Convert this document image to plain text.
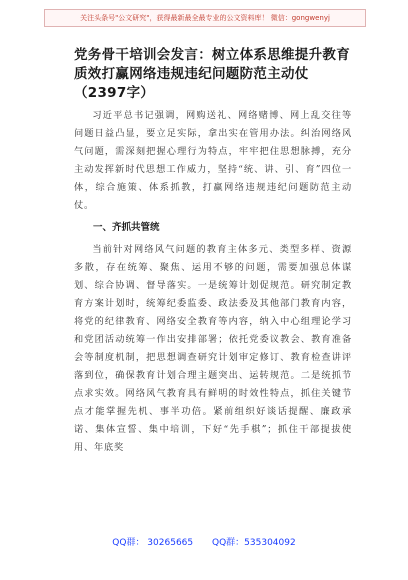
关注头条号"公文研究"，获得最新最全最专业的公文资料库！ 微信：gongwenyj
党务骨干培训会发言：树立体系思维提升教育质效打赢网络违规违纪问题防范主动仗（2397字）

习近平总书记强调，网购送礼、网络赌博、网上乱交往等问题日益凸显，要立足实际，拿出实在管用办法。纠治网络风气问题，需深刻把握心理行为特点，牢牢把住思想脉搏，充分主动发挥新时代思想工作威力，坚持“统、讲、引、育”四位一体，综合施策、体系抓教，打赢网络违规违纪问题防范主动仗。

一、齐抓共管统

当前针对网络风气问题的教育主体多元、类型多样、资源多散，存在统筹、聚焦、运用不够的问题，需要加强总体谋划、综合协调、督导落实。一是统筹计划促规范。研究制定教育方案计划时，统筹纪委监委、政法委及其他部门教育内容，将党的纪律教育、网络安全教育等内容，纳入中心组理论学习和党团活动统筹一作出安排部署；依托党委议教会、教育准备会等制度机制，把思想调查研究计划审定修订、教育检查讲评落到位，确保教育计划合理主题突出、运转规范。二是统抓节点求实效。网络风气教育具有鲜明的时效性特点，抓住关键节点才能掌握先机、事半功倍。紧前组织好谈话提醒、廉政承诺、集体宣誓、集中培训，下好“先手棋”；抓住干部提拔使用、年底奖

QQ群： 30265665 QQ群：535304092
